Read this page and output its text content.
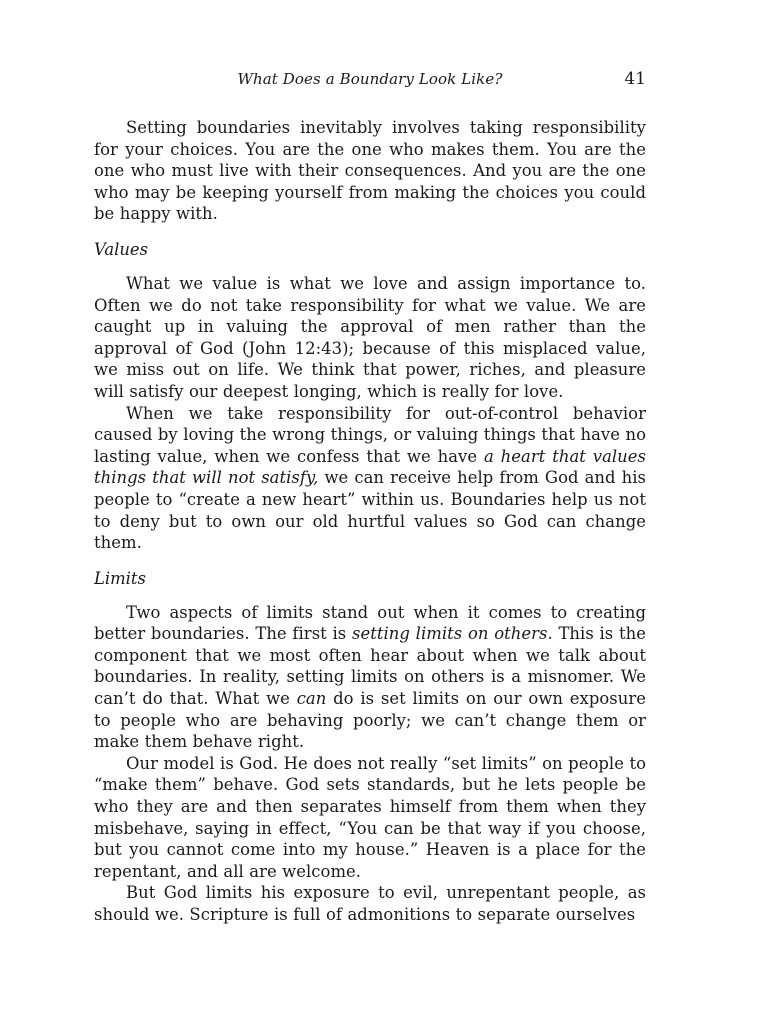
What Does a Boundary Look Like?	41

Setting boundaries inevitably involves taking responsibility for your choices. You are the one who makes them. You are the one who must live with their consequences. And you are the one who may be keeping yourself from making the choices you could be happy with.

Values

What we value is what we love and assign importance to. Often we do not take responsibility for what we value. We are caught up in valuing the approval of men rather than the approval of God (John 12:43); because of this misplaced value, we miss out on life. We think that power, riches, and pleasure will satisfy our deepest longing, which is really for love.

When we take responsibility for out-of-control behavior caused by loving the wrong things, or valuing things that have no lasting value, when we confess that we have a heart that values things that will not satisfy, we can receive help from God and his people to “create a new heart” within us. Boundaries help us not to deny but to own our old hurtful values so God can change them.

Limits

Two aspects of limits stand out when it comes to creating better boundaries. The first is setting limits on others. This is the component that we most often hear about when we talk about boundaries. In reality, setting limits on others is a misnomer. We can’t do that. What we can do is set limits on our own exposure to people who are behaving poorly; we can’t change them or make them behave right.

Our model is God. He does not really “set limits” on people to “make them” behave. God sets standards, but he lets people be who they are and then separates himself from them when they misbehave, saying in effect, “You can be that way if you choose, but you cannot come into my house.” Heaven is a place for the repentant, and all are welcome.

But God limits his exposure to evil, unrepentant people, as should we. Scripture is full of admonitions to separate ourselves
